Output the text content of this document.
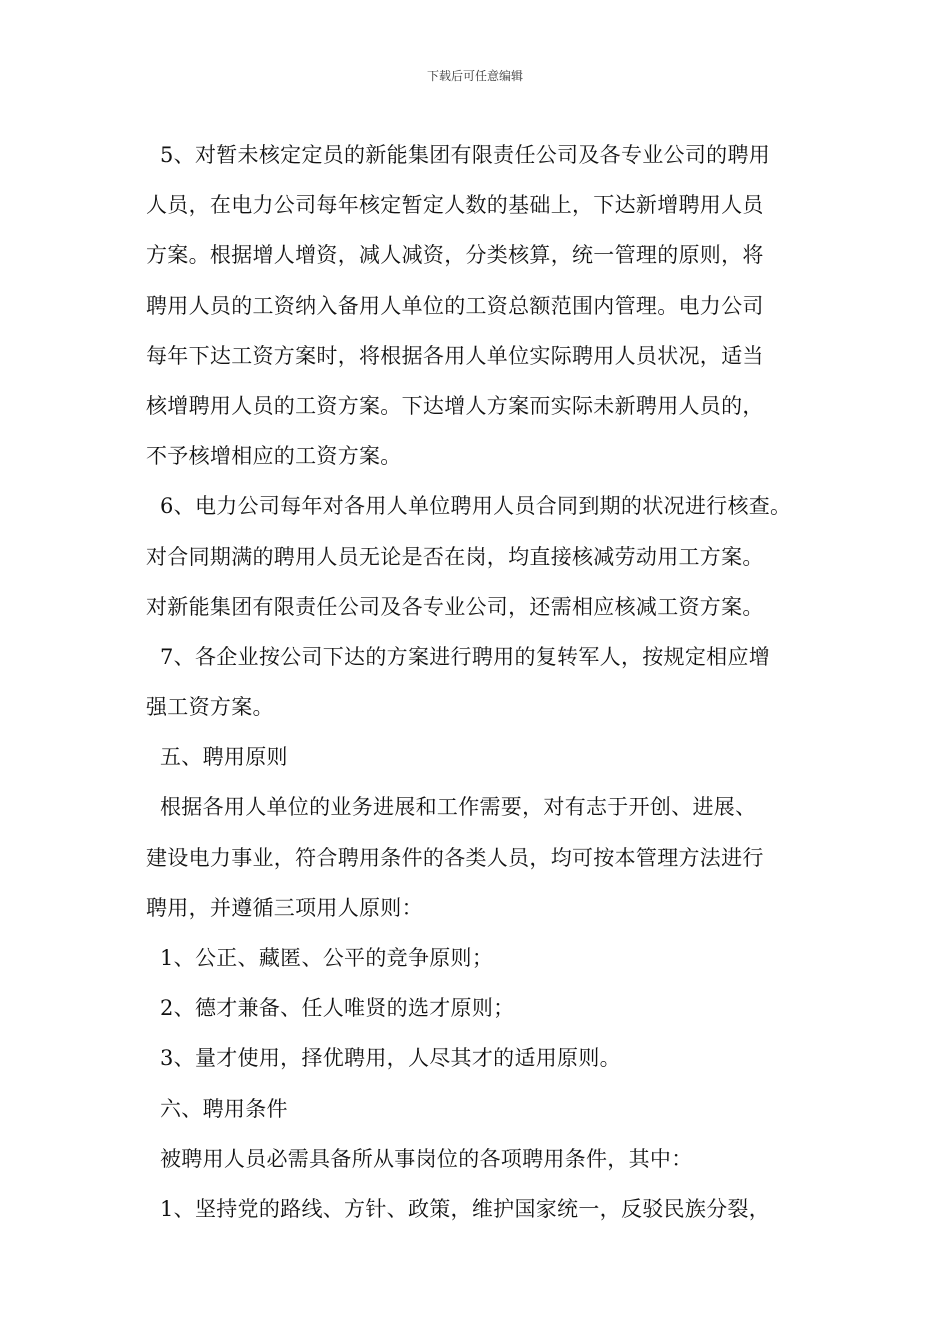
下载后可任意编辑
5、对暂未核定定员的新能集团有限责任公司及各专业公司的聘用
人员，在电力公司每年核定暂定人数的基础上，下达新增聘用人员
方案。根据增人增资，减人减资，分类核算，统一管理的原则，将
聘用人员的工资纳入备用人单位的工资总额范围内管理。电力公司
每年下达工资方案时，将根据各用人单位实际聘用人员状况，适当
核增聘用人员的工资方案。下达增人方案而实际未新聘用人员的，
不予核增相应的工资方案。
6、电力公司每年对各用人单位聘用人员合同到期的状况进行核查。
对合同期满的聘用人员无论是否在岗，均直接核减劳动用工方案。
对新能集团有限责任公司及各专业公司，还需相应核减工资方案。
7、各企业按公司下达的方案进行聘用的复转军人，按规定相应增
强工资方案。
五、聘用原则
根据各用人单位的业务进展和工作需要，对有志于开创、进展、
建设电力事业，符合聘用条件的各类人员，均可按本管理方法进行
聘用，并遵循三项用人原则：
1、公正、藏匿、公平的竞争原则；
2、德才兼备、任人唯贤的选才原则；
3、量才使用，择优聘用，人尽其才的适用原则。
六、聘用条件
被聘用人员必需具备所从事岗位的各项聘用条件，其中：
1、坚持党的路线、方针、政策，维护国家统一，反驳民族分裂，
